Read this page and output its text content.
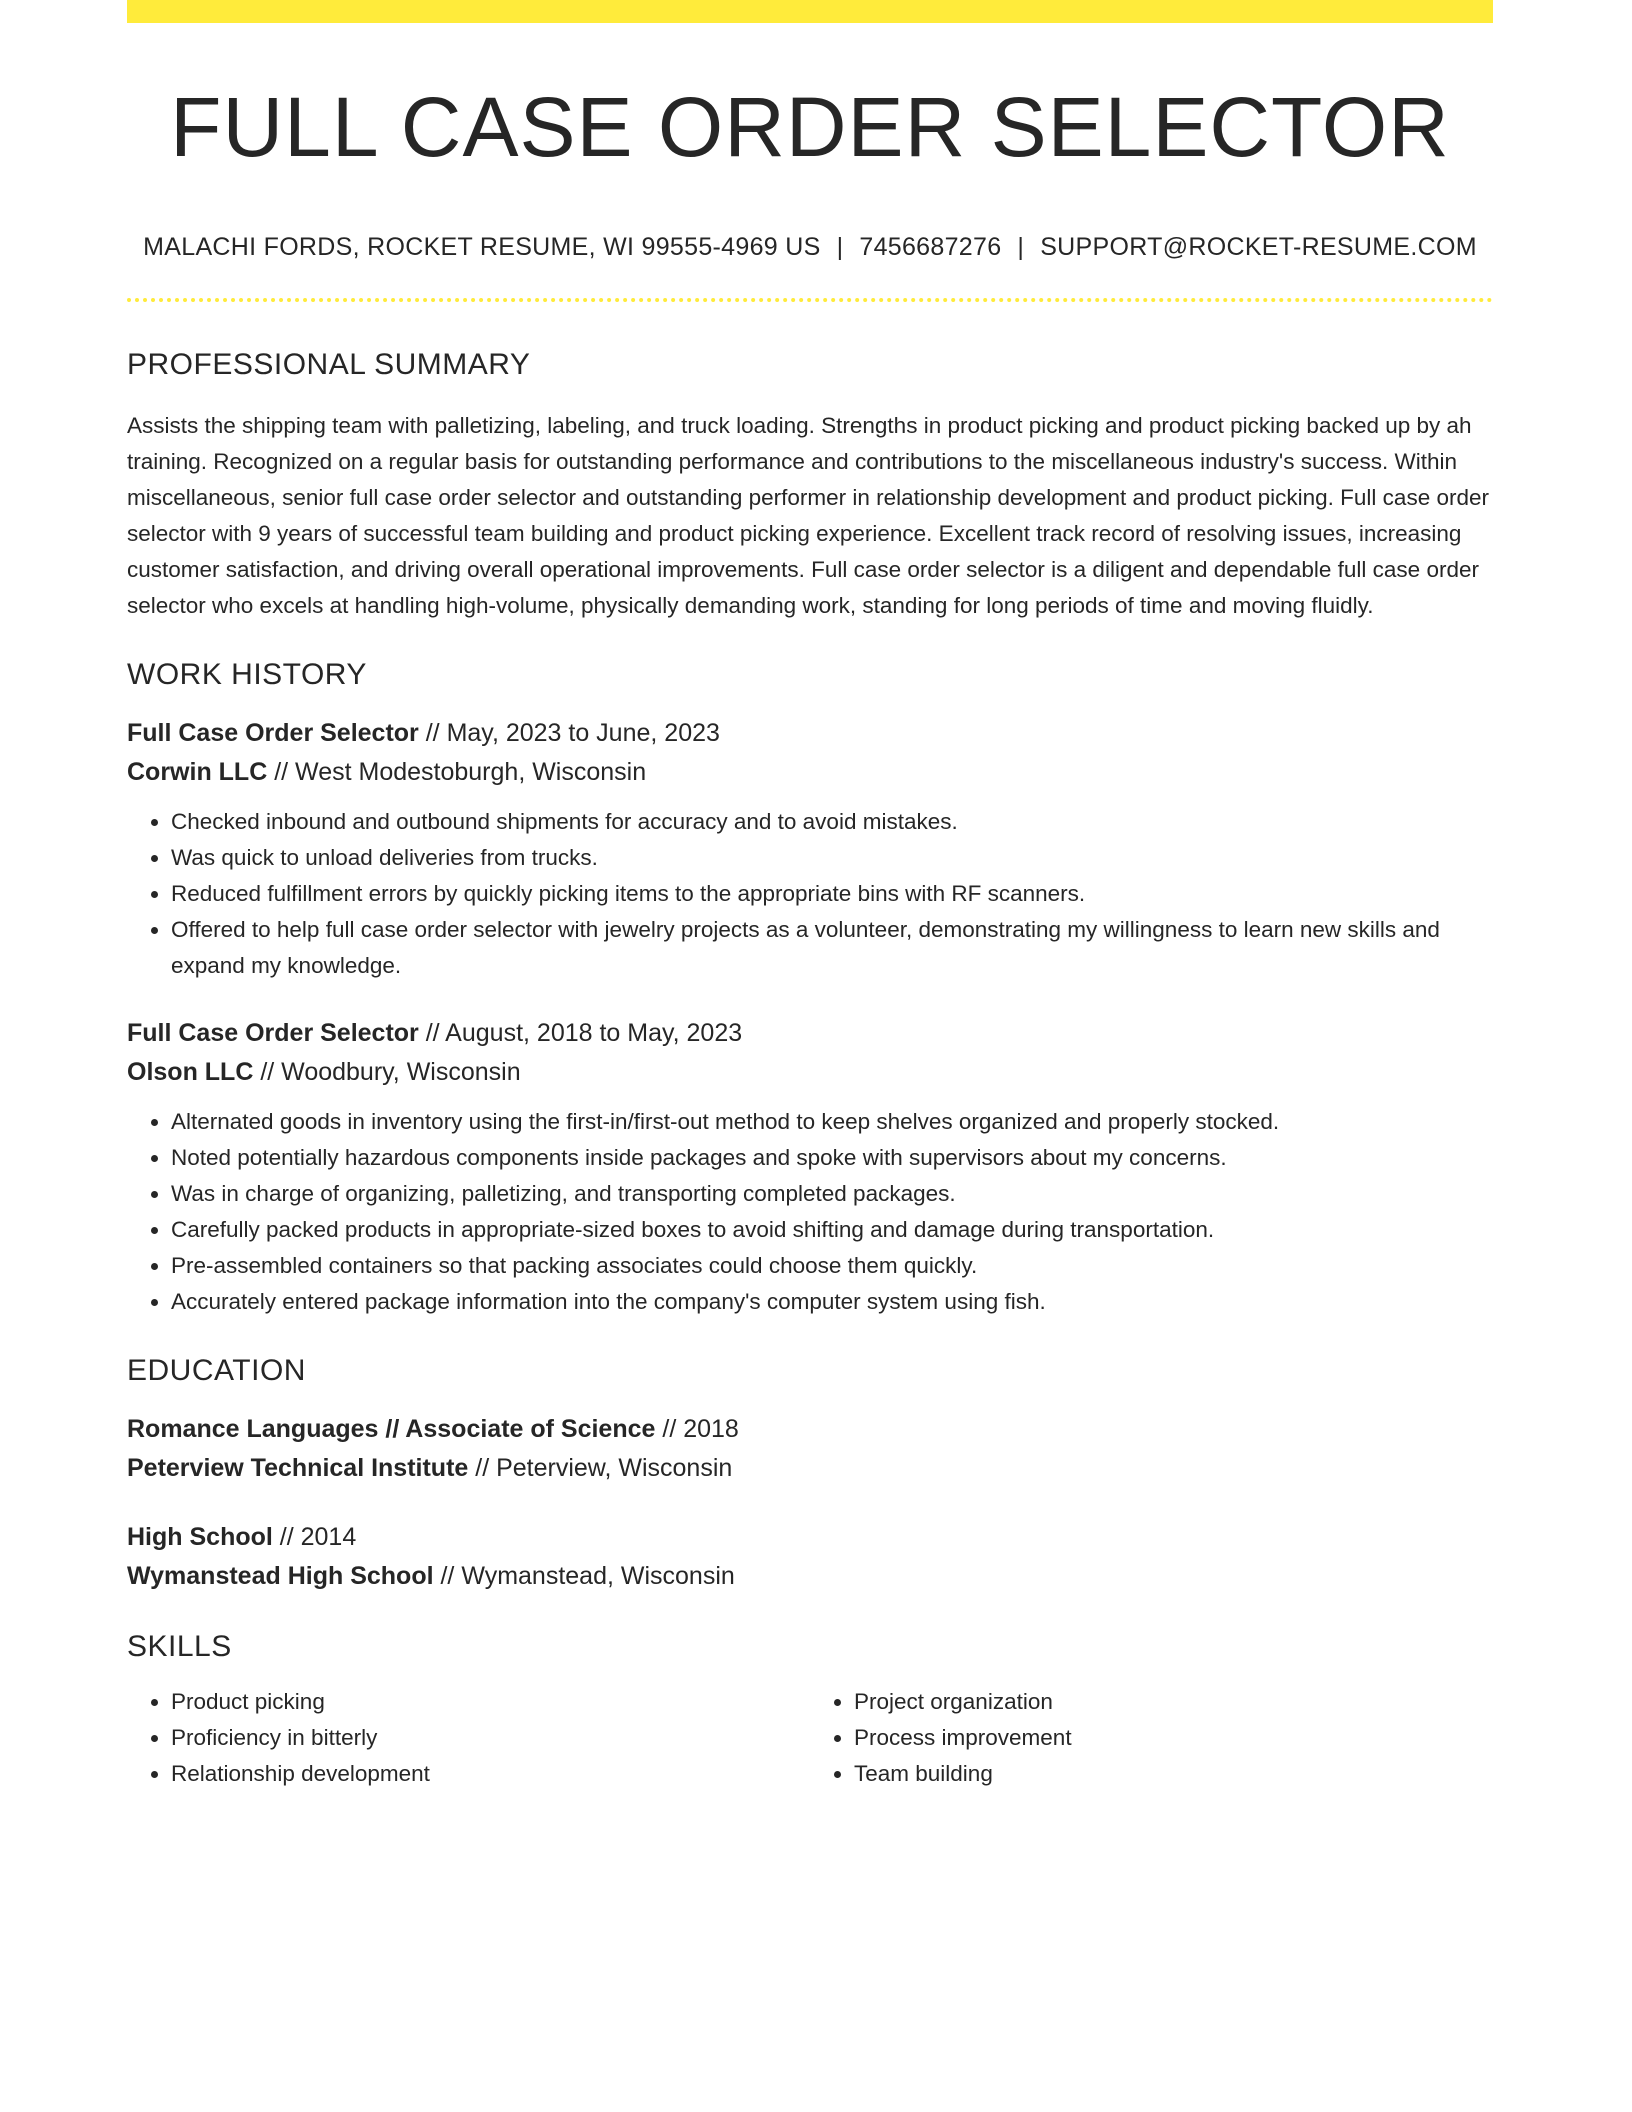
FULL CASE ORDER SELECTOR
MALACHI FORDS, ROCKET RESUME, WI 99555-4969 US | 7456687276 | SUPPORT@ROCKET-RESUME.COM
PROFESSIONAL SUMMARY
Assists the shipping team with palletizing, labeling, and truck loading. Strengths in product picking and product picking backed up by ah training. Recognized on a regular basis for outstanding performance and contributions to the miscellaneous industry's success. Within miscellaneous, senior full case order selector and outstanding performer in relationship development and product picking. Full case order selector with 9 years of successful team building and product picking experience. Excellent track record of resolving issues, increasing customer satisfaction, and driving overall operational improvements. Full case order selector is a diligent and dependable full case order selector who excels at handling high-volume, physically demanding work, standing for long periods of time and moving fluidly.
WORK HISTORY
Full Case Order Selector // May, 2023 to June, 2023
Corwin LLC // West Modestoburgh, Wisconsin
• Checked inbound and outbound shipments for accuracy and to avoid mistakes.
• Was quick to unload deliveries from trucks.
• Reduced fulfillment errors by quickly picking items to the appropriate bins with RF scanners.
• Offered to help full case order selector with jewelry projects as a volunteer, demonstrating my willingness to learn new skills and expand my knowledge.
Full Case Order Selector // August, 2018 to May, 2023
Olson LLC // Woodbury, Wisconsin
• Alternated goods in inventory using the first-in/first-out method to keep shelves organized and properly stocked.
• Noted potentially hazardous components inside packages and spoke with supervisors about my concerns.
• Was in charge of organizing, palletizing, and transporting completed packages.
• Carefully packed products in appropriate-sized boxes to avoid shifting and damage during transportation.
• Pre-assembled containers so that packing associates could choose them quickly.
• Accurately entered package information into the company's computer system using fish.
EDUCATION
Romance Languages // Associate of Science // 2018
Peterview Technical Institute // Peterview, Wisconsin
High School // 2014
Wymanstead High School // Wymanstead, Wisconsin
SKILLS
• Product picking
• Proficiency in bitterly
• Relationship development
• Project organization
• Process improvement
• Team building
